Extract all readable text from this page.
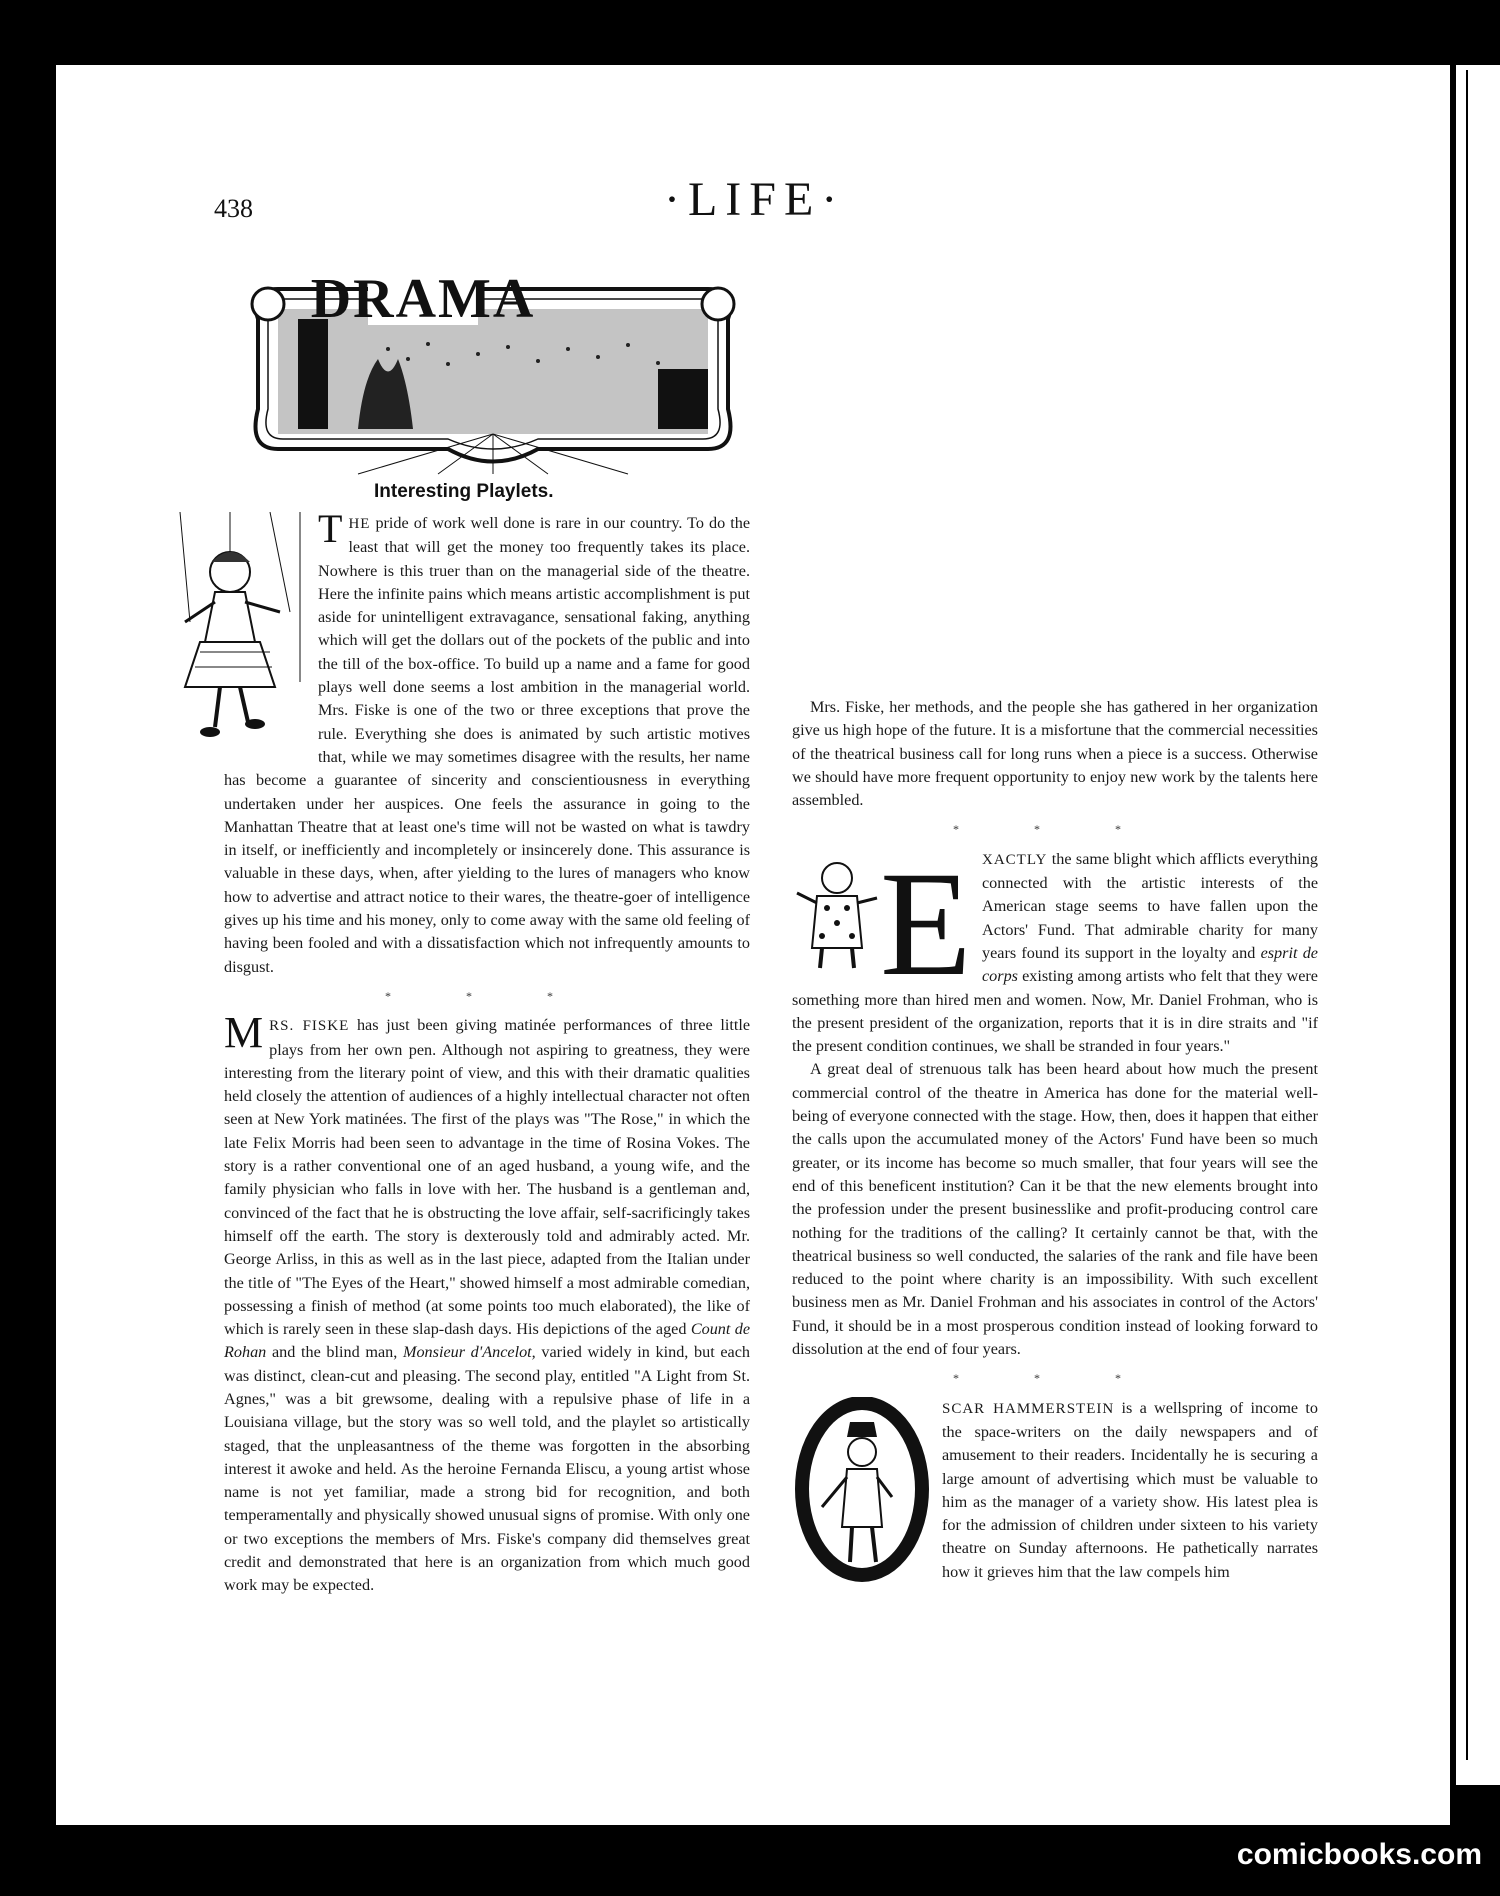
438	·LIFE·
DRAMA
Interesting Playlets.

THE pride of work well done is rare in our country. To do the least that will get the money too frequently takes its place. Nowhere is this truer than on the managerial side of the theatre. Here the infinite pains which means artistic accomplishment is put aside for unintelligent extravagance, sensational faking, anything which will get the dollars out of the pockets of the public and into the till of the box-office. To build up a name and a fame for good plays well done seems a lost ambition in the managerial world. Mrs. Fiske is one of the two or three exceptions that prove the rule. Everything she does is animated by such artistic motives that, while we may sometimes disagree with the results, her name has become a guarantee of sincerity and conscientiousness in everything undertaken under her auspices. One feels the assurance in going to the Manhattan Theatre that at least one's time will not be wasted on what is tawdry in itself, or inefficiently and incompletely or insincerely done. This assurance is valuable in these days, when, after yielding to the lures of managers who know how to advertise and attract notice to their wares, the theatre-goer of intelligence gives up his time and his money, only to come away with the same old feeling of having been fooled and with a dissatisfaction which not infrequently amounts to disgust.

* * *

MRS. FISKE has just been giving matinée performances of three little plays from her own pen. Although not aspiring to greatness, they were interesting from the literary point of view, and this with their dramatic qualities held closely the attention of audiences of a highly intellectual character not often seen at New York matinées. The first of the plays was "The Rose," in which the late Felix Morris had been seen to advantage in the time of Rosina Vokes. The story is a rather conventional one of an aged husband, a young wife, and the family physician who falls in love with her. The husband is a gentleman and, convinced of the fact that he is obstructing the love affair, self-sacrificingly takes himself off the earth. The story is dexterously told and admirably acted. Mr. George Arliss, in this as well as in the last piece, adapted from the Italian under the title of "The Eyes of the Heart," showed himself a most admirable comedian, possessing a finish of method (at some points too much elaborated), the like of which is rarely seen in these slap-dash days. His depictions of the aged Count de Rohan and the blind man, Monsieur d'Ancelot, varied widely in kind, but each was distinct, clean-cut and pleasing. The second play, entitled "A Light from St. Agnes," was a bit grewsome, dealing with a repulsive phase of life in a Louisiana village, but the story was so well told, and the playlet so artistically staged, that the unpleasantness of the theme was forgotten in the absorbing interest it awoke and held. As the heroine Fernanda Eliscu, a young artist whose name is not yet familiar, made a strong bid for recognition, and both temperamentally and physically showed unusual signs of promise. With only one or two exceptions the members of Mrs. Fiske's company did themselves great credit and demonstrated that here is an organization from which much good work may be expected.

Mrs. Fiske, her methods, and the people she has gathered in her organization give us high hope of the future. It is a misfortune that the commercial necessities of the theatrical business call for long runs when a piece is a success. Otherwise we should have more frequent opportunity to enjoy new work by the talents here assembled.

* * *

E XACTLY the same blight which afflicts everything connected with the artistic interests of the American stage seems to have fallen upon the Actors' Fund. That admirable charity for many years found its support in the loyalty and esprit de corps existing among artists who felt that they were something more than hired men and women. Now, Mr. Daniel Frohman, who is the present president of the organization, reports that it is in dire straits and "if the present condition continues, we shall be stranded in four years."

A great deal of strenuous talk has been heard about how much the present commercial control of the theatre in America has done for the material well-being of everyone connected with the stage. How, then, does it happen that either the calls upon the accumulated money of the Actors' Fund have been so much greater, or its income has become so much smaller, that four years will see the end of this beneficent institution? Can it be that the new elements brought into the profession under the present businesslike and profit-producing control care nothing for the traditions of the calling? It certainly cannot be that, with the theatrical business so well conducted, the salaries of the rank and file have been reduced to the point where charity is an impossibility. With such excellent business men as Mr. Daniel Frohman and his associates in control of the Actors' Fund, it should be in a most prosperous condition instead of looking forward to dissolution at the end of four years.

* * *

O
SCAR HAMMERSTEIN is a wellspring of income to the space-writers on the daily newspapers and of amusement to their readers. Incidentally he is securing a large amount of advertising which must be valuable to him as the manager of a variety show. His latest plea is for the admission of children under sixteen to his variety theatre on Sunday afternoons. He pathetically narrates how it grieves him that the law compels him

comicbooks.com
